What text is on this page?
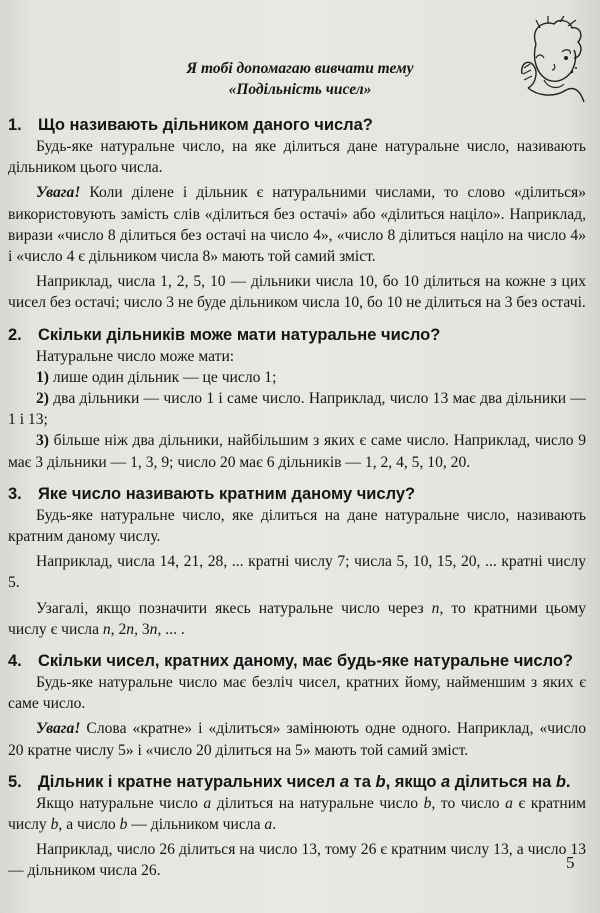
Я тобі допомагаю вивчати тему
«Подільність чисел»
1. Що називають дільником даного числа?

Будь-яке натуральне число, на яке ділиться дане натуральне число, називають дільником цього числа.

Увага! Коли ділене і дільник є натуральними числами, то слово «ділиться» використовують замість слів «ділиться без остачі» або «ділиться націло». Наприклад, вирази «число 8 ділиться без остачі на число 4», «число 8 ділиться націло на число 4» і «число 4 є дільником числа 8» мають той самий зміст.

Наприклад, числа 1, 2, 5, 10 — дільники числа 10, бо 10 ділиться на кожне з цих чисел без остачі; число 3 не буде дільником числа 10, бо 10 не ділиться на 3 без остачі.

2. Скільки дільників може мати натуральне число?

Натуральне число може мати:

1) лише один дільник — це число 1;

2) два дільники — число 1 і саме число. Наприклад, число 13 має два дільники — 1 і 13;

3) більше ніж два дільники, найбільшим з яких є саме число. Наприклад, число 9 має 3 дільники — 1, 3, 9; число 20 має 6 дільників — 1, 2, 4, 5, 10, 20.

3. Яке число називають кратним даному числу?

Будь-яке натуральне число, яке ділиться на дане натуральне число, називають кратним даному числу.

Наприклад, числа 14, 21, 28, ... кратні числу 7; числа 5, 10, 15, 20, ... кратні числу 5.

Узагалі, якщо позначити якесь натуральне число через n, то кратними цьому числу є числа n, 2n, 3n, ... .

4. Скільки чисел, кратних даному, має будь-яке натуральне число?

Будь-яке натуральне число має безліч чисел, кратних йому, найменшим з яких є саме число.

Увага! Слова «кратне» і «ділиться» замінюють одне одного. Наприклад, «число 20 кратне числу 5» і «число 20 ділиться на 5» мають той самий зміст.

5. Дільник і кратне натуральних чисел a та b, якщо a ділиться на b.

Якщо натуральне число a ділиться на натуральне число b, то число a є кратним числу b, а число b — дільником числа a.

Наприклад, число 26 ділиться на число 13, тому 26 є кратним числу 13, а число 13 — дільником числа 26.	5
